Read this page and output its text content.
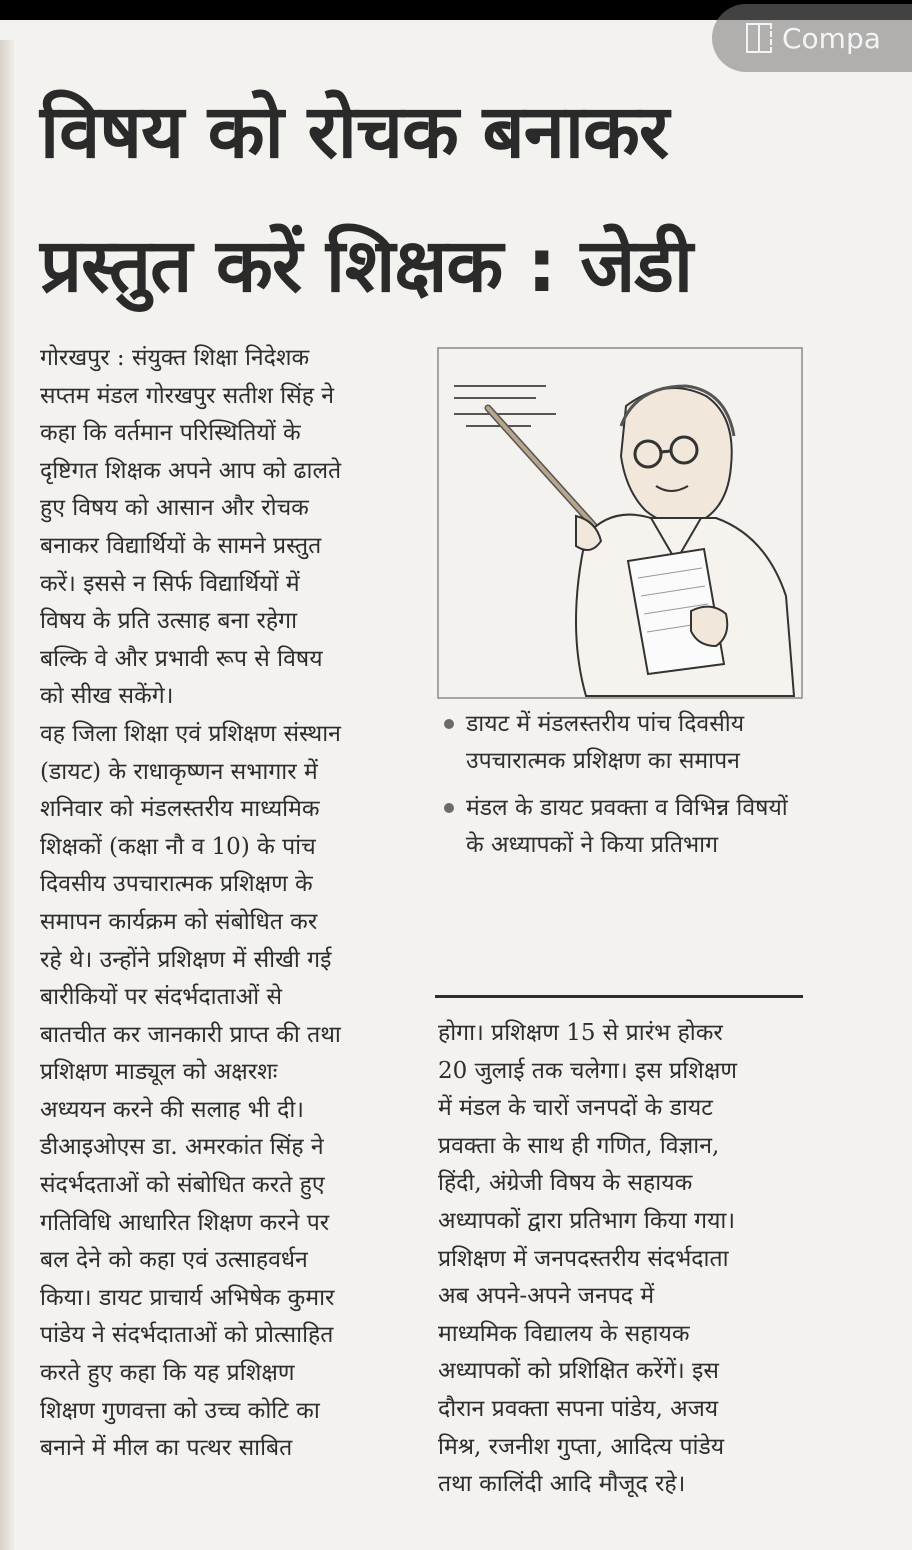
विषय को रोचक बनाकर
प्रस्तुत करें शिक्षक : जेडी

गोरखपुर : संयुक्त शिक्षा निदेशक

सप्तम मंडल गोरखपुर सतीश सिंह ने

कहा कि वर्तमान परिस्थितियों के

दृष्टिगत शिक्षक अपने आप को ढालते

हुए विषय को आसान और रोचक

बनाकर विद्यार्थियों के सामने प्रस्तुत

करें। इससे न सिर्फ विद्यार्थियों में

विषय के प्रति उत्साह बना रहेगा

बल्कि वे और प्रभावी रूप से विषय

को सीख सकेंगे।

वह जिला शिक्षा एवं प्रशिक्षण संस्थान

(डायट) के राधाकृष्णन सभागार में

शनिवार को मंडलस्तरीय माध्यमिक

शिक्षकों (कक्षा नौ व 10) के पांच

दिवसीय उपचारात्मक प्रशिक्षण के

समापन कार्यक्रम को संबोधित कर

रहे थे। उन्होंने प्रशिक्षण में सीखी गई

बारीकियों पर संदर्भदाताओं से

बातचीत कर जानकारी प्राप्त की तथा

प्रशिक्षण माड्यूल को अक्षरशः

अध्ययन करने की सलाह भी दी।

डीआइओएस डा. अमरकांत सिंह ने

संदर्भदताओं को संबोधित करते हुए

गतिविधि आधारित शिक्षण करने पर

बल देने को कहा एवं उत्साहवर्धन

किया। डायट प्राचार्य अभिषेक कुमार

पांडेय ने संदर्भदाताओं को प्रोत्साहित

करते हुए कहा कि यह प्रशिक्षण

शिक्षण गुणवत्ता को उच्च कोटि का

बनाने में मील का पत्थर साबित

डायट में मंडलस्तरीय पांच दिवसीय उपचारात्मक प्रशिक्षण का समापन
मंडल के डायट प्रवक्ता व विभिन्न विषयों के अध्यापकों ने किया प्रतिभाग

होगा। प्रशिक्षण 15 से प्रारंभ होकर

20 जुलाई तक चलेगा। इस प्रशिक्षण

में मंडल के चारों जनपदों के डायट

प्रवक्ता के साथ ही गणित, विज्ञान,

हिंदी, अंग्रेजी विषय के सहायक

अध्यापकों द्वारा प्रतिभाग किया गया।

प्रशिक्षण में जनपदस्तरीय संदर्भदाता

अब अपने-अपने जनपद में

माध्यमिक विद्यालय के सहायक

अध्यापकों को प्रशिक्षित करेंगें। इस

दौरान प्रवक्ता सपना पांडेय, अजय

मिश्र, रजनीश गुप्ता, आदित्य पांडेय

तथा कालिंदी आदि मौजूद रहे।

Compa
